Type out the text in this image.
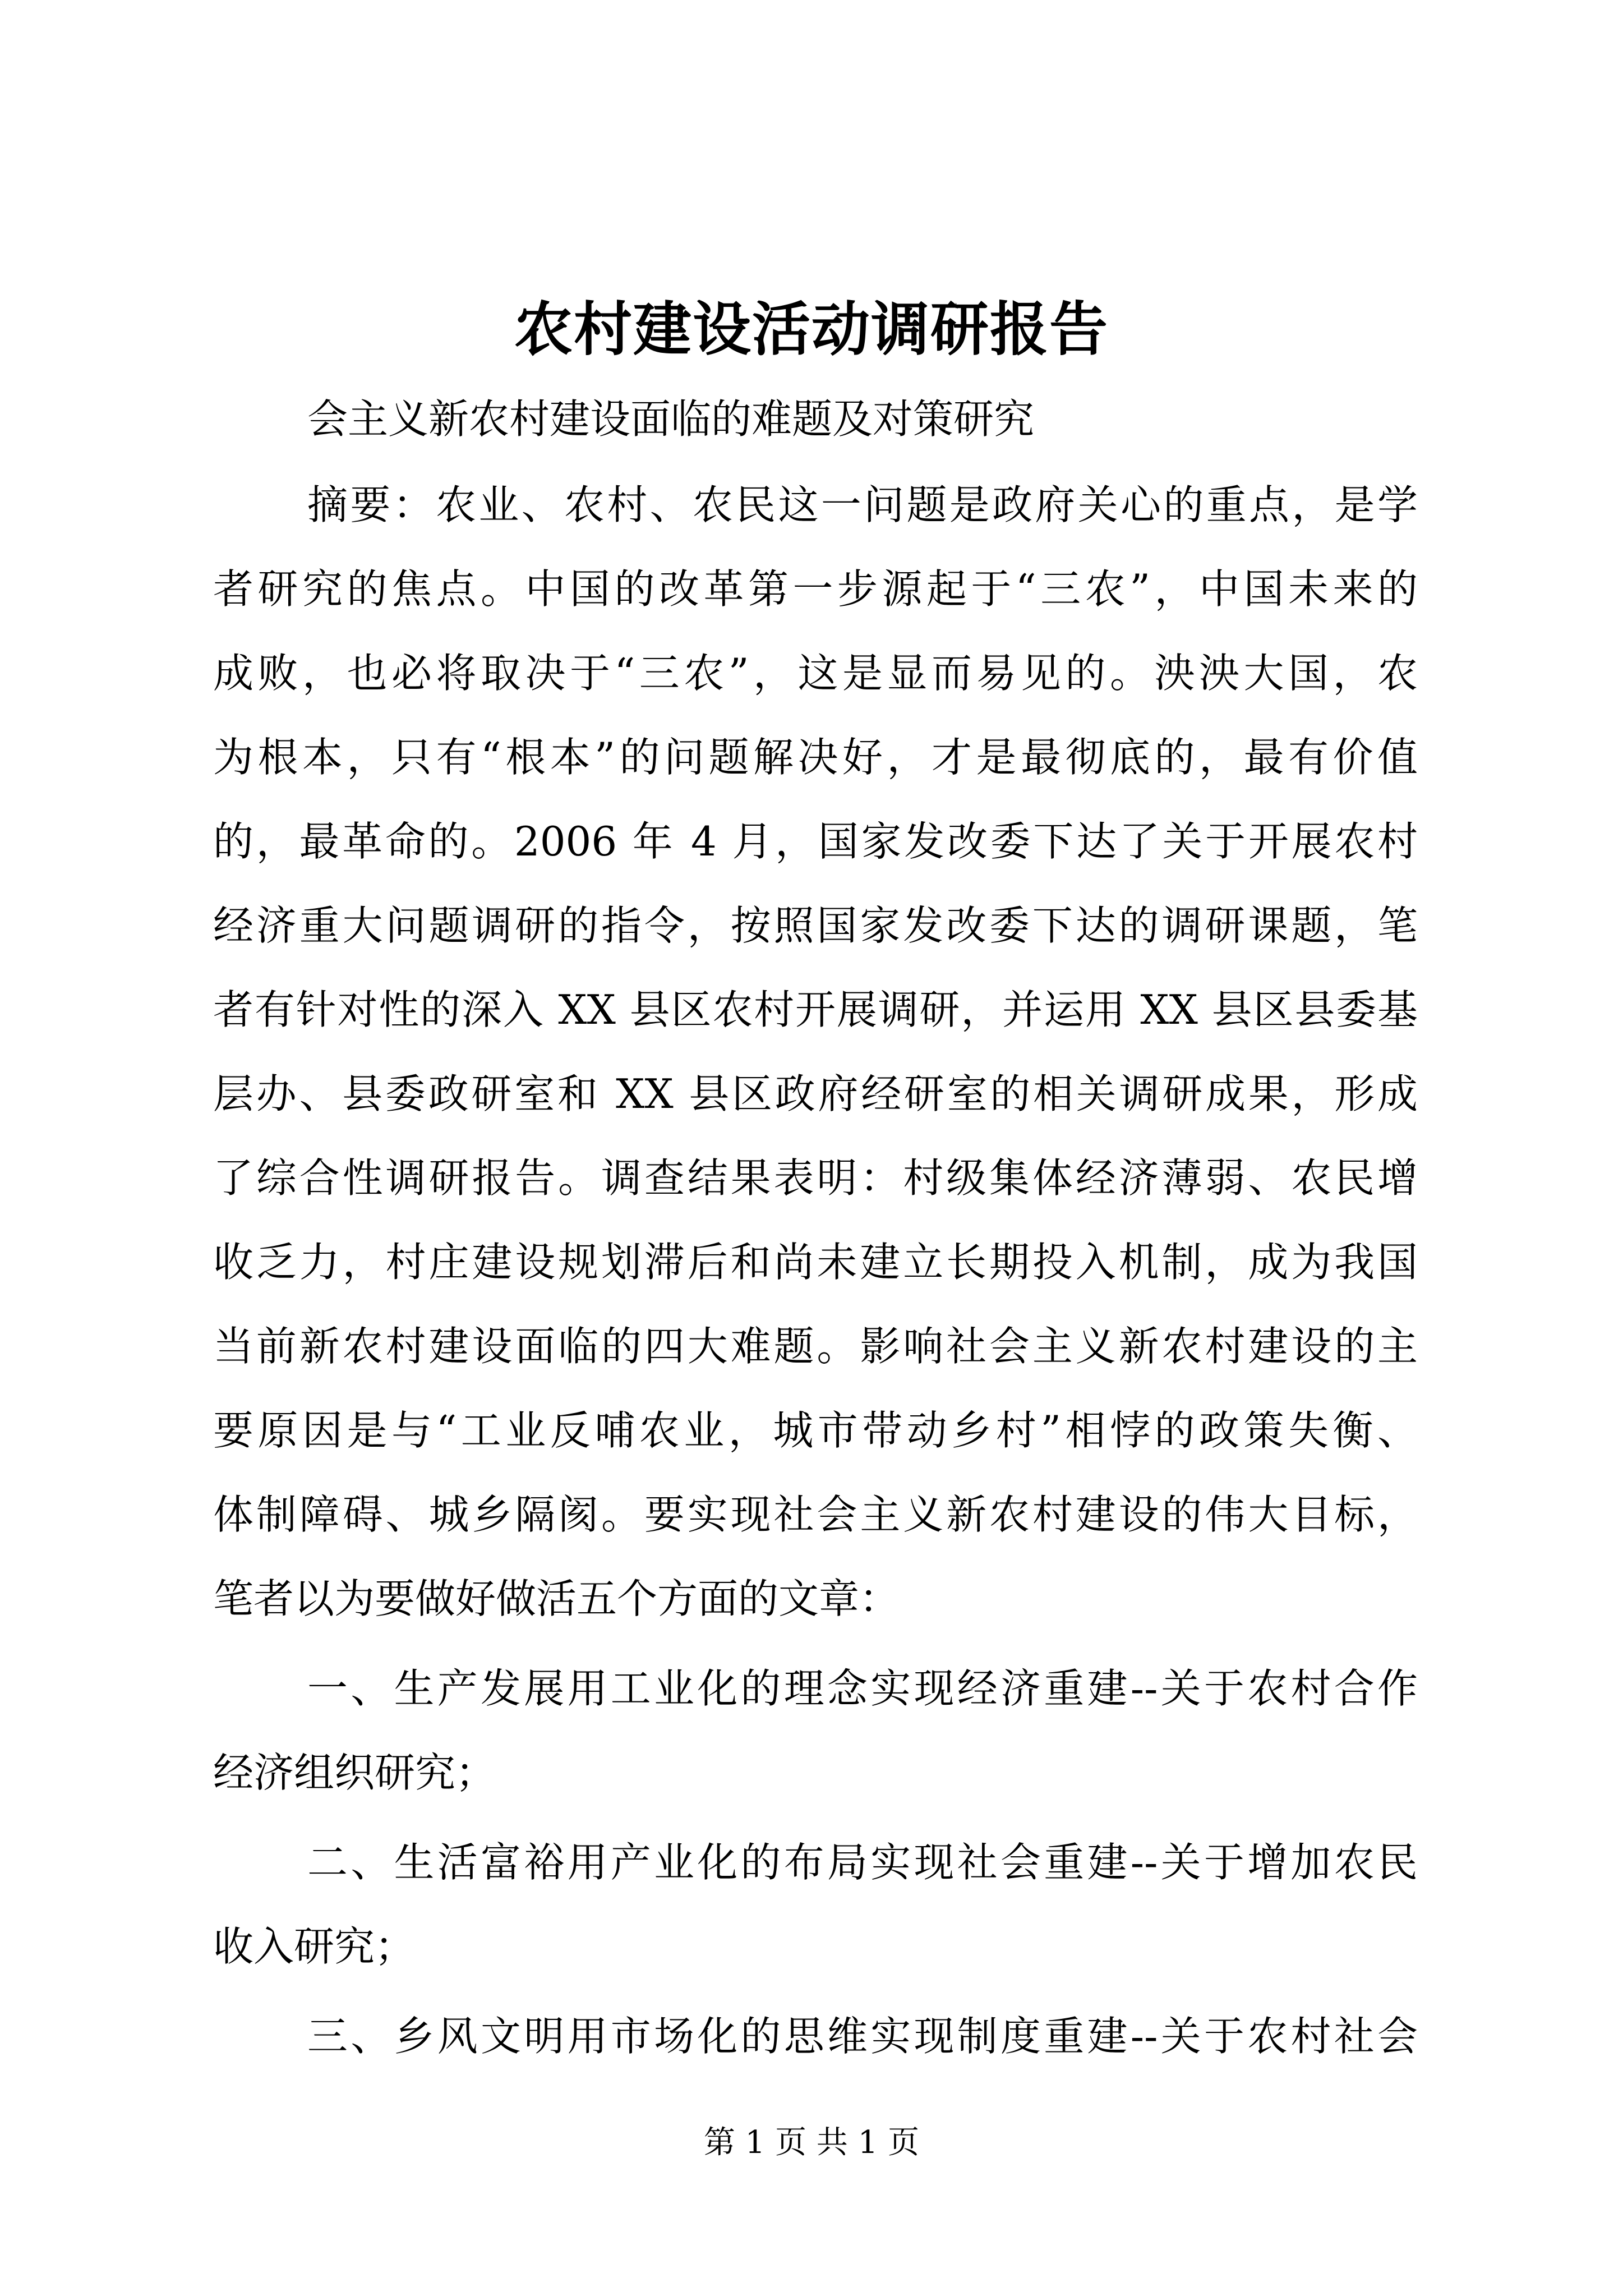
农村建设活动调研报告

会主义新农村建设面临的难题及对策研究

摘要：农业、农村、农民这一问题是政府关心的重点，是学

者研究的焦点。中国的改革第一步源起于“三农”，中国未来的

成败，也必将取决于“三农”，这是显而易见的。泱泱大国，农

为根本，只有“根本”的问题解决好，才是最彻底的，最有价值

的，最革命的。2006 年 4 月，国家发改委下达了关于开展农村

经济重大问题调研的指令，按照国家发改委下达的调研课题，笔

者有针对性的深入 XX 县区农村开展调研，并运用 XX 县区县委基

层办、县委政研室和 XX 县区政府经研室的相关调研成果，形成

了综合性调研报告。调查结果表明：村级集体经济薄弱、农民增

收乏力，村庄建设规划滞后和尚未建立长期投入机制，成为我国

当前新农村建设面临的四大难题。影响社会主义新农村建设的主

要原因是与“工业反哺农业，城市带动乡村”相悖的政策失衡、

体制障碍、城乡隔阂。要实现社会主义新农村建设的伟大目标，

笔者以为要做好做活五个方面的文章：

一、生产发展用工业化的理念实现经济重建--关于农村合作

经济组织研究；

二、生活富裕用产业化的布局实现社会重建--关于增加农民

收入研究；

三、乡风文明用市场化的思维实现制度重建--关于农村社会

第 1 页 共 1 页
